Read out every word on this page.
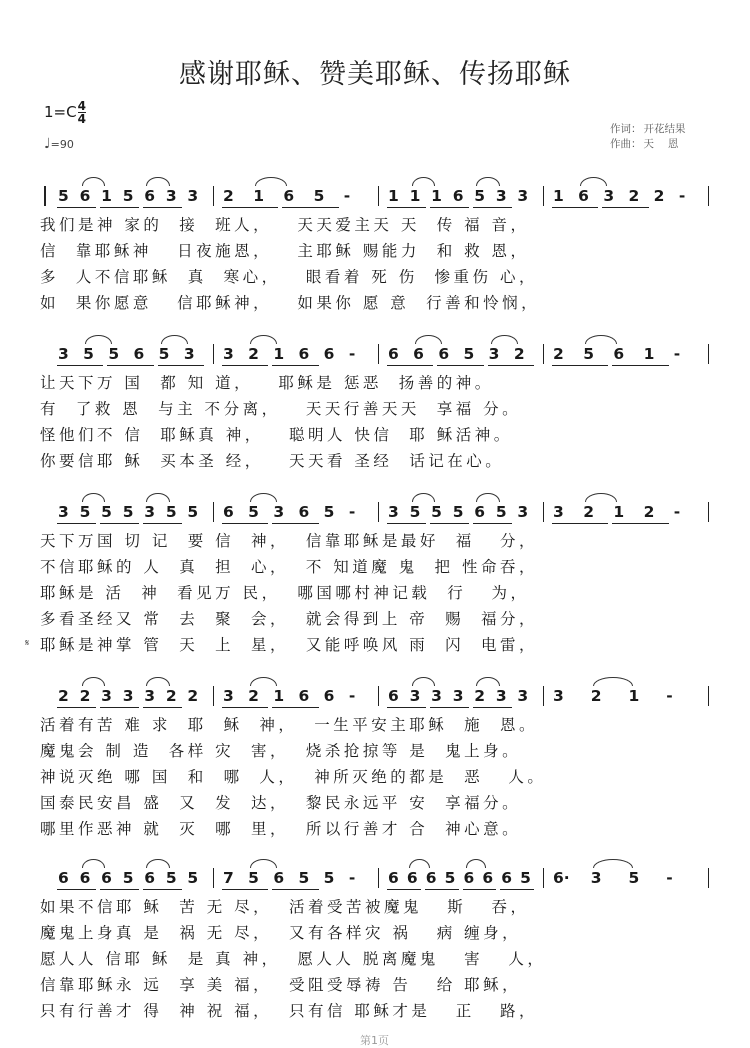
感谢耶稣、赞美耶稣、传扬耶稣
$1=C \frac{4}{4}$
♩=90
作词： 开花结果
作曲： 天　 恩
5 6 1 5 6 3 3 2 1 6 5 - 1 1 1 6 5 3 3 1 6 3 2 2 -
我们是神 家的  接  班人，   天天爱主天 天  传 福 音，
信  靠耶稣神   日夜施恩，   主耶稣 赐能力  和 救 恩，
多  人不信耶稣  真  寒心，   眼看着 死 伤  惨重伤 心，
如  果你愿意   信耶稣神，   如果你 愿 意  行善和怜悯，
3 5 5 6 5 3 3 2 1 6 6 - 6 6 6 5 3 2 2 5 6 1 -
让天下万 国  都 知 道，   耶稣是 惩恶  扬善的神。
有  了救 恩  与主 不分离，   天天行善天天  享福 分。
怪他们不 信  耶稣真 神，   聪明人 快信  耶 稣活神。
你要信耶 稣  买本圣 经，   天天看 圣经  话记在心。
3 5 5 5 3 5 5 6 5 3 6 5 - 3 5 5 5 6 5 3 3 2 1 2 -
天下万国 切 记  要 信  神，  信靠耶稣是最好  福   分，
不信耶稣的 人  真  担  心，  不 知道魔 鬼  把 性命吞，
耶稣是 活  神  看见万 民，  哪国哪村神记载  行   为，
多看圣经又 常  去  聚  会，  就会得到上 帝  赐  福分，
耶稣是神掌 管  天  上  星，  又能呼唤风 雨  闪  电雷，
𝄋
2 2 3 3 3 2 2 3 2 1 6 6 - 6 3 3 3 2 3 3 3 2 1 -
活着有苦 难 求  耶  稣  神，  一生平安主耶稣  施  恩。
魔鬼会 制 造  各样 灾  害，  烧杀抢掠等 是  鬼上身。
神说灭绝 哪 国  和  哪  人，  神所灭绝的都是  恶   人。
国泰民安昌 盛  又  发  达，  黎民永远平 安  享福分。
哪里作恶神 就  灭  哪  里，  所以行善才 合  神心意。
6 6 6 5 6 5 5 7 5 6 5 5 - 6 6 6 5 6 6 6 5 6· 3 5 -
如果不信耶 稣  苦 无 尽，  活着受苦被魔鬼   斯   吞，
魔鬼上身真 是  祸 无 尽，  又有各样灾 祸   病 缠身，
愿人人 信耶 稣  是 真 神，  愿人人 脱离魔鬼   害   人，
信靠耶稣永 远  享 美 福，  受阻受辱祷 告   给 耶稣，
只有行善才 得  神 祝 福，  只有信 耶稣才是   正   路，
第1页
